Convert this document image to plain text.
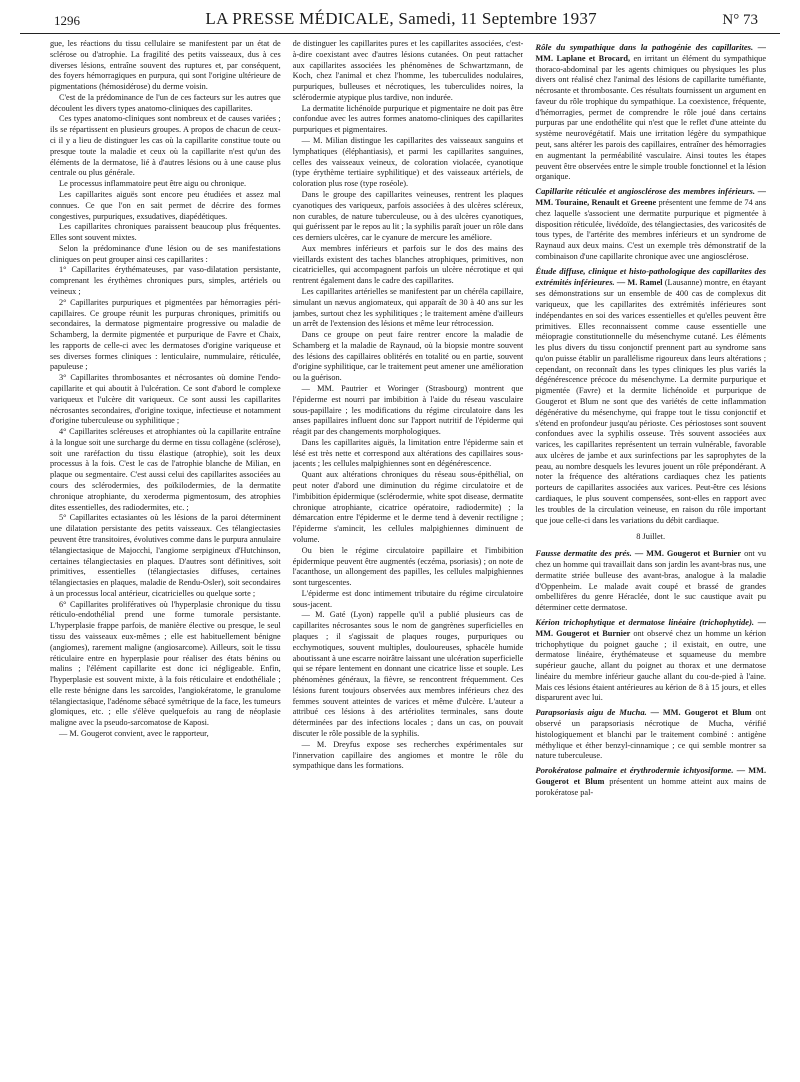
1296	LA PRESSE MÉDICALE, Samedi, 11 Septembre 1937	N° 73

gue, les réactions du tissu cellulaire se manifestent par un état de sclérose ou d'atrophie. La fragilité des petits vaisseaux, dus à ces diverses lésions, entraîne souvent des ruptures et, par conséquent, des foyers hémorragiques en purpura, qui sont l'origine ultérieure de pigmentations (hémosidérose) du derme voisin.

C'est de la prédominance de l'un de ces facteurs sur les autres que découlent les divers types anatomo-cliniques des capillarites.

Ces types anatomo-cliniques sont nombreux et de causes variées ; ils se répartissent en plusieurs groupes. A propos de chacun de ceux-ci il y a lieu de distinguer les cas où la capillarite constitue toute ou presque toute la maladie et ceux où la capillarite n'est qu'un des éléments de la dermatose, lié à d'autres lésions ou à une cause plus centrale ou plus générale.

Le processus inflammatoire peut être aigu ou chronique.

Les capillarites aiguës sont encore peu étudiées et assez mal connues. Ce que l'on en sait permet de décrire des formes congestives, purpuriques, exsudatives, diapédétiques.

Les capillarites chroniques paraissent beaucoup plus fréquentes. Elles sont souvent mixtes.

Selon la prédominance d'une lésion ou de ses manifestations cliniques on peut grouper ainsi ces capillarites :

1° Capillarites érythémateuses, par vaso-dilatation persistante, comprenant les érythèmes chroniques purs, simples, artériels ou veineux ;

2° Capillarites purpuriques et pigmentées par hémorragies péri-capillaires. Ce groupe réunit les purpuras chroniques, primitifs ou secondaires, la dermatose pigmentaire progressive ou maladie de Schamberg, la dermite pigmentée et purpurique de Favre et Chaix, les rapports de celle-ci avec les dermatoses d'origine variqueuse et ses diverses formes cliniques : lenticulaire, nummulaire, réticulée, papuleuse ;

3° Capillarites thrombosantes et nécrosantes où domine l'endo-capillarite et qui aboutit à l'ulcération. Ce sont d'abord le complexe variqueux et l'ulcère dit variqueux. Ce sont aussi les capillarites nécrosantes secondaires, d'origine toxique, infectieuse et notamment d'origine tuberculeuse ou syphilitique ;

4° Capillarites scléreuses et atrophiantes où la capillarite entraîne à la longue soit une surcharge du derme en tissu collagène (sclérose), soit une raréfaction du tissu élastique (atrophie), soit les deux processus à la fois. C'est le cas de l'atrophie blanche de Milian, en plaque ou segmentaire. C'est aussi celui des capillarites associées au cours des sclérodermies, des poïkilodermies, de la dermatite chronique atrophiante, du xeroderma pigmentosum, des atrophies dites essentielles, des radiodermites, etc. ;

5° Capillarites ectasiantes où les lésions de la paroi déterminent une dilatation persistante des petits vaisseaux. Ces télangiectasies peuvent être transitoires, évolutives comme dans le purpura annulaire télangiectasique de Majocchi, l'angiome serpigineux d'Hutchinson, certaines télangiectasies en plaques. D'autres sont définitives, soit primitives, essentielles (télangiectasies diffuses, certaines télangiectasies en plaques, maladie de Rendu-Osler), soit secondaires à un processus local antérieur, cicatricielles ou quelque sorte ;

6° Capillarites prolifératives où l'hyperplasie chronique du tissu réticulo-endothélial prend une forme tumorale persistante. L'hyperplasie frappe parfois, de manière élective ou presque, le seul tissu des vaisseaux eux-mêmes ; elle est habituellement bénigne (angiomes), rarement maligne (angiosarcome). Ailleurs, soit le tissu réticulaire entre en hyperplasie pour réaliser des états bénins ou malins ; l'élément capillarite est donc ici négligeable. Enfin, l'hyperplasie est souvent mixte, à la fois réticulaire et endothéliale ; elle reste bénigne dans les sarcoïdes, l'angiokératome, le granulome télangiectasique, l'adénome sébacé symétrique de la face, les tumeurs glomiques, etc. ; elle s'élève quelquefois au rang de néoplasie maligne avec la pseudo-sarcomatose de Kaposi.

— M. Gougerot convient, avec le rapporteur,

de distinguer les capillarites pures et les capillarites associées, c'est-à-dire coexistant avec d'autres lésions cutanées. On peut rattacher aux capillarites associées les phénomènes de Schwartzmann, de Koch, chez l'animal et chez l'homme, les tuberculides nodulaires, purpuriques, bulleuses et nécrotiques, les tuberculides noires, la sclérodermie atypique plus tardive, non indurée.

La dermatite lichénoïde purpurique et pigmentaire ne doit pas être confondue avec les autres formes anatomo-cliniques des capillarites purpuriques et pigmentaires.

— M. Milian distingue les capillarites des vaisseaux sanguins et lymphatiques (éléphantiasis), et parmi les capillarites sanguines, celles des vaisseaux veineux, de coloration violacée, cyanotique (type érythème tertiaire syphilitique) et des vaisseaux artériels, de coloration plus rose (type roséole).

Dans le groupe des capillarites veineuses, rentrent les plaques cyanotiques des variqueux, parfois associées à des ulcères scléreux, non curables, de nature tuberculeuse, ou à des ulcères cyanotiques, qui guérissent par le repos au lit ; la syphilis paraît jouer un rôle dans ces derniers ulcères, car le cyanure de mercure les améliore.

Aux membres inférieurs et parfois sur le dos des mains des vieillards existent des taches blanches atrophiques, primitives, non cicatricielles, qui accompagnent parfois un ulcère nécrotique et qui rentrent également dans le cadre des capillarites.

Les capillarites artérielles se manifestent par un chéréla capillaire, simulant un nævus angiomateux, qui apparaît de 30 à 40 ans sur les jambes, surtout chez les syphilitiques ; le traitement amène d'ailleurs un arrêt de l'extension des lésions et même leur rétrocession.

Dans ce groupe on peut faire rentrer encore la maladie de Schamberg et la maladie de Raynaud, où la biopsie montre souvent des lésions des capillaires oblitérés en totalité ou en partie, souvent d'origine syphilitique, car le traitement peut amener une amélioration ou la guérison.

— MM. Pautrier et Woringer (Strasbourg) montrent que l'épiderme est nourri par imbibition à l'aide du réseau vasculaire sous-papillaire ; les modifications du régime circulatoire dans les anses papillaires influent donc sur l'apport nutritif de l'épiderme qui réagit par des changements morphologiques.

Dans les capillarites aiguës, la limitation entre l'épiderme sain et lésé est très nette et correspond aux altérations des capillaires sous-jacents ; les cellules malpighiennes sont en dégénérescence.

Quant aux altérations chroniques du réseau sous-épithélial, on peut noter d'abord une diminution du régime circulatoire et de l'imbibition épidermique (sclérodermie, white spot disease, dermatite chronique atrophiante, cicatrice opératoire, radiodermite) ; la démarcation entre l'épiderme et le derme tend à devenir rectiligne ; l'épiderme s'amincit, les cellules malpighiennes diminuent de volume.

Ou bien le régime circulatoire papillaire et l'imbibition épidermique peuvent être augmentés (eczéma, psoriasis) ; on note de l'acanthose, un allongement des papilles, les cellules malpighiennes sont turgescentes.

L'épiderme est donc intimement tributaire du régime circulatoire sous-jacent.

— M. Gaté (Lyon) rappelle qu'il a publié plusieurs cas de capillarites nécrosantes sous le nom de gangrènes superficielles en plaques ; il s'agissait de plaques rouges, purpuriques ou ecchymotiques, souvent multiples, douloureuses, sphacèle humide aboutissant à une escarre noirâtre laissant une ulcération superficielle qui se répare lentement en donnant une cicatrice lisse et souple. Les phénomènes généraux, la fièvre, se rencontrent fréquemment. Ces lésions furent toujours observées aux membres inférieurs chez des femmes souvent atteintes de varices et même d'ulcère. L'auteur a attribué ces lésions à des artériolites terminales, sans doute déterminées par des infections locales ; dans un cas, on pouvait discuter le rôle possible de la syphilis.

— M. Dreyfus expose ses recherches expérimentales sur l'innervation capillaire des angiomes et montre le rôle du sympathique dans les formations.

Rôle du sympathique dans la pathogénie des capillarites. — MM. Laplane et Brocard, en irritant un élément du sympathique thoraco-abdominal par les agents chimiques ou physiques les plus divers ont réalisé chez l'animal des lésions de capillarite tuméfiante, nécrosante et thrombosante. Ces résultats fournissent un argument en faveur du rôle trophique du sympathique. La coexistence, fréquente, d'hémorragies, permet de comprendre le rôle joué dans certains purpuras par une endothélite qui n'est que le reflet d'une atteinte du système neurovégétatif. Mais une irritation légère du sympathique peut, sans altérer les parois des capillaires, entraîner des hémorragies en augmentant la perméabilité vasculaire. Ainsi toutes les étapes peuvent être observées entre le simple trouble fonctionnel et la lésion organique.

Capillarite réticulée et angiosclérose des membres inférieurs. — MM. Touraine, Renault et Greene présentent une femme de 74 ans chez laquelle s'associent une dermatite purpurique et pigmentée à disposition réticulée, livédoïde, des télangiectasies, des varicosités de tous types, de l'artérite des membres inférieurs et un syndrome de Raynaud aux deux mains. C'est un exemple très démonstratif de la combinaison d'une capillarite chronique avec une angiosclérose.

Étude diffuse, clinique et histo-pathologique des capillarites des extrémités inférieures. — M. Ramel (Lausanne) montre, en étayant ses démonstrations sur un ensemble de 400 cas de complexus dit variqueux, que les capillarites des extrémités inférieures sont indépendantes en soi des varices essentielles et qu'elles peuvent être primitives. Elles reconnaissent comme cause essentielle une méiopragie constitutionnelle du mésenchyme cutané. Les éléments les plus divers du tissu conjonctif prennent part au syndrome sans qu'on puisse établir un parallélisme rigoureux dans leurs altérations ; cependant, on reconnaît dans les types cliniques les plus variés la dégénérescence précoce du mésenchyme. La dermite purpurique et pigmentée (Favre) et la dermite lichénoïde et purpurique de Gougerot et Blum ne sont que des variétés de cette inflammation dégénérative du mésenchyme, qui frappe tout le tissu conjonctif et s'étend en profondeur jusqu'au périoste. Ces périostoses sont souvent confondues avec la syphilis osseuse. Très souvent associées aux varices, les capillarites représentent un terrain vulnérable, favorable aux ulcères de jambe et aux surinfections par les saprophytes de la peau, au nombre desquels les levures jouent un rôle prépondérant. A noter la fréquence des altérations cardiaques chez les patients porteurs de capillarites associées aux varices. Peut-être ces lésions cardiaques, le plus souvent compensées, sont-elles en rapport avec les troubles de la circulation veineuse, en raison du rôle important que joue celle-ci dans les variations du débit cardiaque.

8 Juillet.

Fausse dermatite des prés. — MM. Gougerot et Burnier ont vu chez un homme qui travaillait dans son jardin les avant-bras nus, une dermatite striée bulleuse des avant-bras, analogue à la maladie d'Oppenheim. Le malade avait coupé et brassé de grandes ombellifères du genre Héraclée, dont le suc caustique avait pu déterminer cette dermatose.

Kérion trichophytique et dermatose linéaire (trichophytide). — MM. Gougerot et Burnier ont observé chez un homme un kérion trichophytique du poignet gauche ; il existait, en outre, une dermatose linéaire, érythémateuse et squameuse du membre supérieur gauche, allant du poignet au thorax et une dermatose linéaire du membre inférieur gauche allant du cou-de-pied à l'aine. Mais ces lésions étaient antérieures au kérion de 8 à 15 jours, et elles disparurent avec lui.

Parapsoriasis aigu de Mucha. — MM. Gougerot et Blum ont observé un parapsoriasis nécrotique de Mucha, vérifié histologiquement et blanchi par le traitement combiné : antigène méthylique et éther benzyl-cinnamique ; ce qui semble montrer sa nature tuberculeuse.

Porokératose palmaire et érythrodermie ichtyosiforme. — MM. Gougerot et Blum présentent un homme atteint aux mains de porokératose pal-
